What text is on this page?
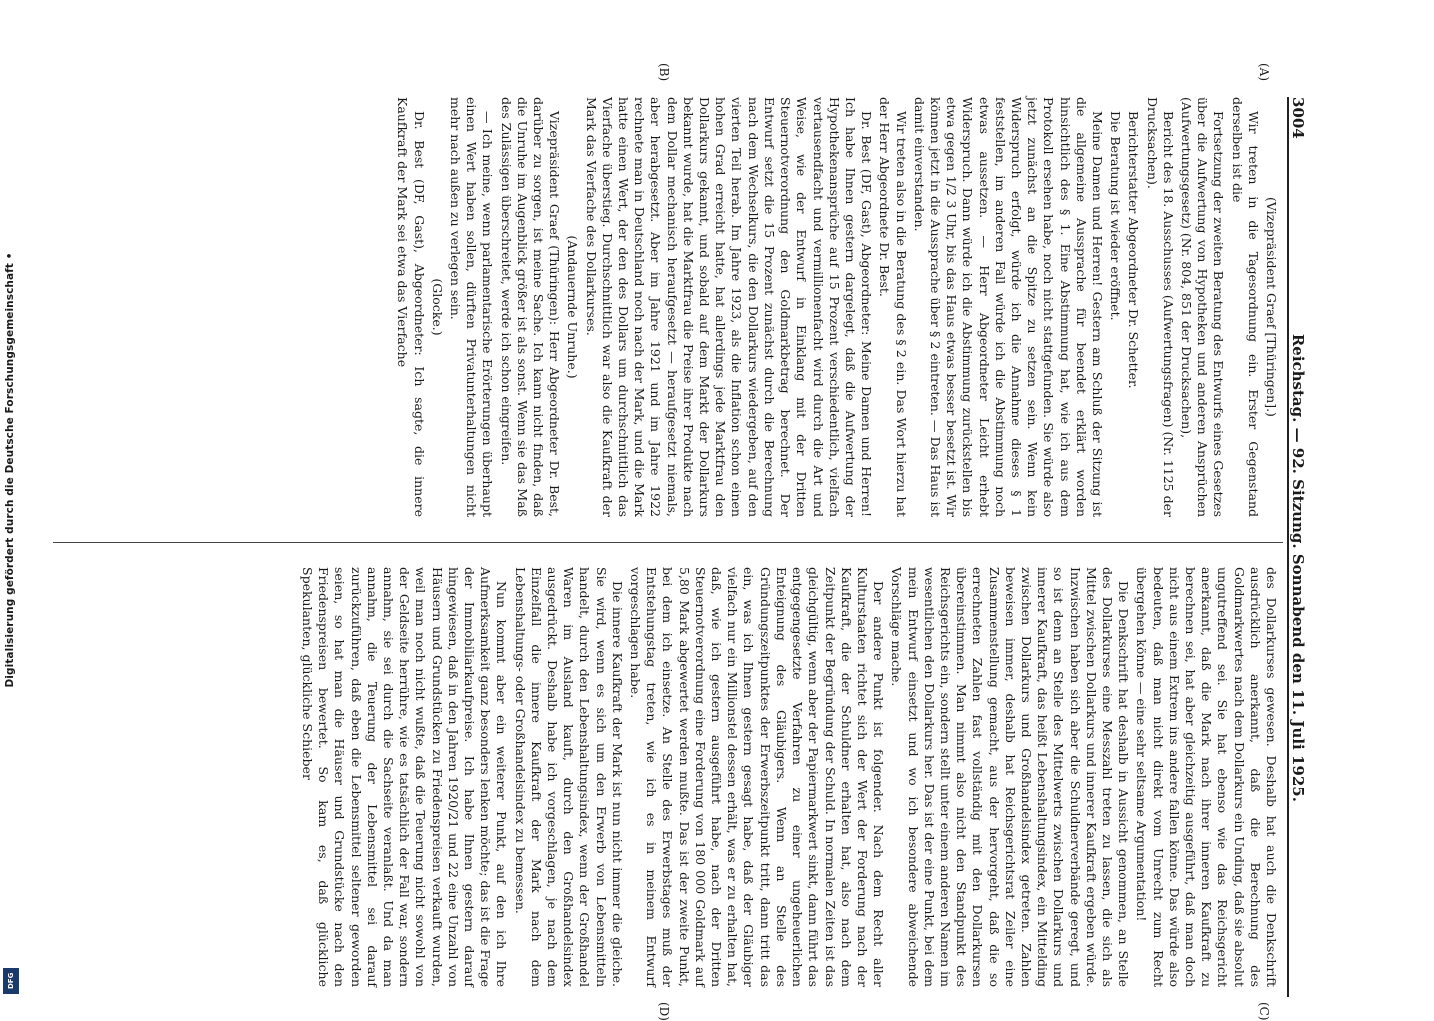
Digitalisierung gefördert durch die Deutsche Forschungsgemeinschaft •
DFG
3004
Reichstag. — 92. Sitzung. Sonnabend den 11. Juli 1925.
(A)
(B)
(C)
(D)

(Vizepräsident Graef [Thüringen].)

Wir treten in die Tagesordnung ein. Erster Gegenstand derselben ist die

Fortsetzung der zweiten Beratung des Entwurfs eines Gesetzes über die Aufwertung von Hypotheken und anderen Ansprüchen (Aufwertungsgesetz) (Nr. 804, 851 der Drucksachen),

Bericht des 18. Ausschusses (Aufwertungsfragen) (Nr. 1125 der Drucksachen).

Berichterstatter Abgeordneter Dr. Schetter.

Die Beratung ist wieder eröffnet.

Meine Damen und Herren! Gestern am Schluß der Sitzung ist die allgemeine Aussprache für beendet erklärt worden hinsichtlich des § 1. Eine Abstimmung hat, wie ich aus dem Protokoll ersehen habe, noch nicht stattgefunden. Sie würde also jetzt zunächst an die Spitze zu setzen sein. Wenn kein Widerspruch erfolgt, würde ich die Annahme dieses § 1 feststellen, im anderen Fall würde ich die Abstimmung noch etwas aussetzen. — Herr Abgeordneter Leicht erhebt Widerspruch. Dann würde ich die Abstimmung zurückstellen bis etwa gegen 1/2 3 Uhr, bis das Haus etwas besser besetzt ist. Wir können jetzt in die Aussprache über § 2 eintreten. — Das Haus ist damit einverstanden.

Wir treten also in die Beratung des § 2 ein. Das Wort hierzu hat der Herr Abgeordnete Dr. Best.

Dr. Best (DF, Gast), Abgeordneter: Meine Damen und Herren! Ich habe Ihnen gestern dargelegt, daß die Aufwertung der Hypothekenansprüche auf 15 Prozent verschiedentlich, vielfach vertausendfacht und vermillionenfacht wird durch die Art und Weise, wie der Entwurf in Einklang mit der Dritten Steuernotverordnung den Goldmarkbetrag berechnet. Der Entwurf setzt die 15 Prozent zunächst durch die Berechnung nach dem Wechselkurs, die den Dollarkurs wiedergeben, auf den vierten Teil herab. Im Jahre 1923, als die Inflation schon einen hohen Grad erreicht hatte, hat allerdings jede Marktfrau den Dollarkurs gekannt, und sobald auf dem Markt der Dollarkurs bekannt wurde, hat die Marktfrau die Preise ihrer Produkte nach dem Dollar mechanisch heraufgesetzt — heraufgesetzt niemals, aber herabgesetzt. Aber im Jahre 1921 und im Jahre 1922 rechnete man in Deutschland noch nach der Mark, und die Mark hatte einen Wert, der den des Dollars um durchschnittlich das Vierfache überstieg. Durchschnittlich war also die Kaufkraft der Mark das Vierfache des Dollarkurses.

(Andauernde Unruhe.)

Vizepräsident Graef (Thüringen): Herr Abgeordneter Dr. Best, darüber zu sorgen, ist meine Sache. Ich kann nicht finden, daß die Unruhe im Augenblick größer ist als sonst. Wenn sie das Maß des Zulässigen überschreitet, werde ich schon eingreifen.

— Ich meine, wenn parlamentarische Erörterungen überhaupt einen Wert haben sollen, dürften Privatunterhaltungen nicht mehr nach außen zu verlegen sein.

(Glocke.)

Dr. Best (DF, Gast), Abgeordneter: Ich sagte, die innere Kaufkraft der Mark sei etwa das Vierfache

des Dollarkurses gewesen. Deshalb hat auch die Denkschrift ausdrücklich anerkannt, daß die Berechnung des Goldmarkwertes nach dem Dollarkurs ein Unding, daß sie absolut ungutreffend sei. Sie hat ebenso wie das Reichsgericht anerkannt, daß die Mark nach ihrer inneren Kaufkraft zu berechnen sei, hat aber gleichzeitig ausgeführt, daß man doch nicht aus einem Extrem ins andere fallen könne. Das würde also bedeuten, daß man nicht direkt vom Unrecht zum Recht übergehen könne — eine sehr seltsame Argumentation!

Die Denkschrift hat deshalb in Aussicht genommen, an Stelle des Dollarkurses eine Messzahl treten zu lassen, die sich als Mittel zwischen Dollarkurs und innerer Kaufkraft ergeben würde. Inzwischen haben sich aber die Schuldnerverbände geregt, und so ist denn an Stelle des Mittelwerts zwischen Dollarkurs und innerer Kaufkraft, das heißt Lebenshaltungsindex, ein Mittelding zwischen Dollarkurs und Großhandelsindex getreten. Zahlen beweisen immer, deshalb hat Reichsgerichtsrat Zeiler eine Zusammenstellung gemacht, aus der hervorgeht, daß die so errechneten Zahlen fast vollständig mit den Dollarkursen übereinstimmen. Man nimmt also nicht den Standpunkt des Reichsgerichts ein, sondern stellt unter einem anderen Namen im wesentlichen den Dollarkurs her. Das ist der eine Punkt, bei dem mein Entwurf einsetzt und wo ich besondere abweichende Vorschläge mache.

Der andere Punkt ist folgender. Nach dem Recht aller Kulturstaaten richtet sich der Wert der Forderung nach der Kaufkraft, die der Schuldner erhalten hat, also nach dem Zeitpunkt der Begründung der Schuld. In normalen Zeiten ist das gleichgültig, wenn aber der Papiermarkwert sinkt, dann führt das entgegengesetzte Verfahren zu einer ungeheuerlichen Enteignung des Gläubigers. Wenn an Stelle des Gründungszeitpunktes der Erwerbszeitpunkt tritt, dann tritt das ein, was ich Ihnen gestern gesagt habe, daß der Gläubiger vielfach nur ein Millionstel dessen erhält, was er zu erhalten hat, daß, wie ich gestern ausgeführt habe, nach der Dritten Steuernotverordnung eine Forderung von 180 000 Goldmark auf 5,80 Mark abgewertet werden mußte. Das ist der zweite Punkt, bei dem ich einsetze. An Stelle des Erwerbstages muß der Entstehungstag treten, wie ich es in meinem Entwurf vorgeschlagen habe.

Die innere Kaufkraft der Mark ist nun nicht immer die gleiche. Sie wird, wenn es sich um den Erwerb von Lebensmitteln handelt, durch den Lebenshaltungsindex, wenn der Großhandel Waren im Ausland kauft, durch den Großhandelsindex ausgedrückt. Deshalb habe ich vorgeschlagen, je nach dem Einzelfall die innere Kaufkraft der Mark nach dem Lebenshaltungs- oder Großhandelsindex zu bemessen.

Nun kommt aber ein weiterer Punkt, auf den ich Ihre Aufmerksamkeit ganz besonders lenken möchte; das ist die Frage der Immobiliarkaufpreise. Ich habe Ihnen gestern darauf hingewiesen, daß in den Jahren 1920/21 und 22 eine Unzahl von Häusern und Grundstücken zu Friedenspreisen verkauft wurden, weil man noch nicht wußte, daß die Teuerung nicht sowohl von der Geldseite herrühre, wie es tatsächlich der Fall war, sondern annahm, sie sei durch die Sachseite veranlaßt. Und da man annahm, die Teuerung der Lebensmittel sei darauf zurückzuführen, daß eben die Lebensmittel seltener geworden seien, so hat man die Häuser und Grundstücke nach den Friedenspreisen bewertet. So kam es, daß glückliche Spekulanten, glückliche Schieber
